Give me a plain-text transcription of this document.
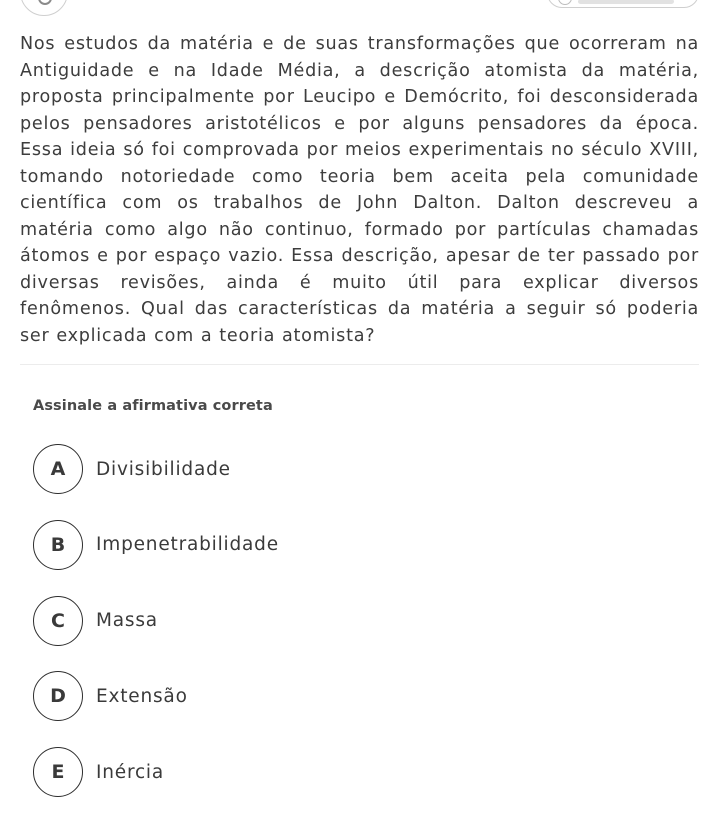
Nos estudos da matéria e de suas transformações que ocorreram na Antiguidade e na Idade Média, a descrição atomista da matéria, proposta principalmente por Leucipo e Demócrito, foi desconsiderada pelos pensadores aristotélicos e por alguns pensadores da época. Essa ideia só foi comprovada por meios experimentais no século XVIII, tomando notoriedade como teoria bem aceita pela comunidade científica com os trabalhos de John Dalton. Dalton descreveu a matéria como algo não continuo, formado por partículas chamadas átomos e por espaço vazio. Essa descrição, apesar de ter passado por diversas revisões, ainda é muito útil para explicar diversos fenômenos. Qual das características da matéria a seguir só poderia ser explicada com a teoria atomista?

Assinale a afirmativa correta
A	Divisibilidade
B	Impenetrabilidade
C	Massa
D	Extensão
E	Inércia
